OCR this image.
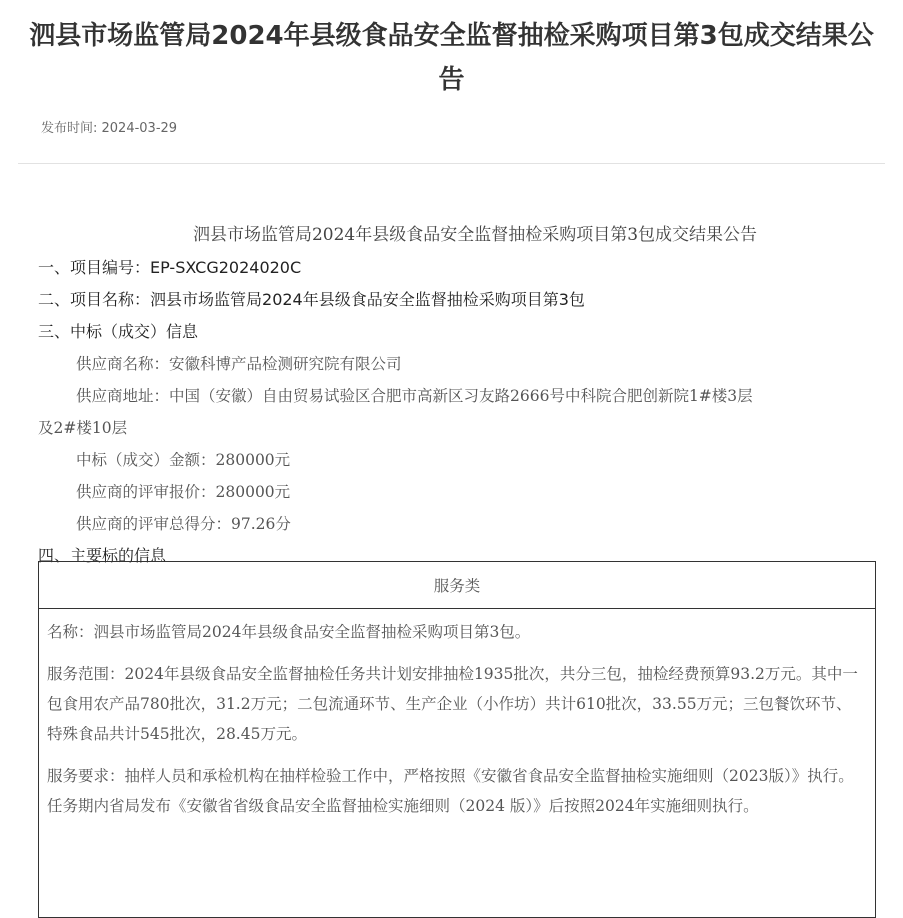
泗县市场监管局2024年县级食品安全监督抽检采购项目第3包成交结果公告
发布时间: 2024-03-29
泗县市场监管局2024年县级食品安全监督抽检采购项目第3包成交结果公告
一、项目编号：EP-SXCG2024020C
二、项目名称：泗县市场监管局2024年县级食品安全监督抽检采购项目第3包
三、中标（成交）信息
供应商名称：安徽科博产品检测研究院有限公司
供应商地址：中国（安徽）自由贸易试验区合肥市高新区习友路2666号中科院合肥创新院1#楼3层
及2#楼10层
中标（成交）金额：280000元
供应商的评审报价：280000元
供应商的评审总得分：97.26分
四、主要标的信息
服务类

名称：泗县市场监管局2024年县级食品安全监督抽检采购项目第3包。

服务范围：2024年县级食品安全监督抽检任务共计划安排抽检1935批次，共分三包，抽检经费预算93.2万元。其中一包食用农产品780批次，31.2万元；二包流通环节、生产企业（小作坊）共计610批次，33.55万元；三包餐饮环节、特殊食品共计545批次，28.45万元。

服务要求：抽样人员和承检机构在抽样检验工作中，严格按照《安徽省食品安全监督抽检实施细则（2023版）》执行。任务期内省局发布《安徽省省级食品安全监督抽检实施细则（2024 版）》后按照2024年实施细则执行。
